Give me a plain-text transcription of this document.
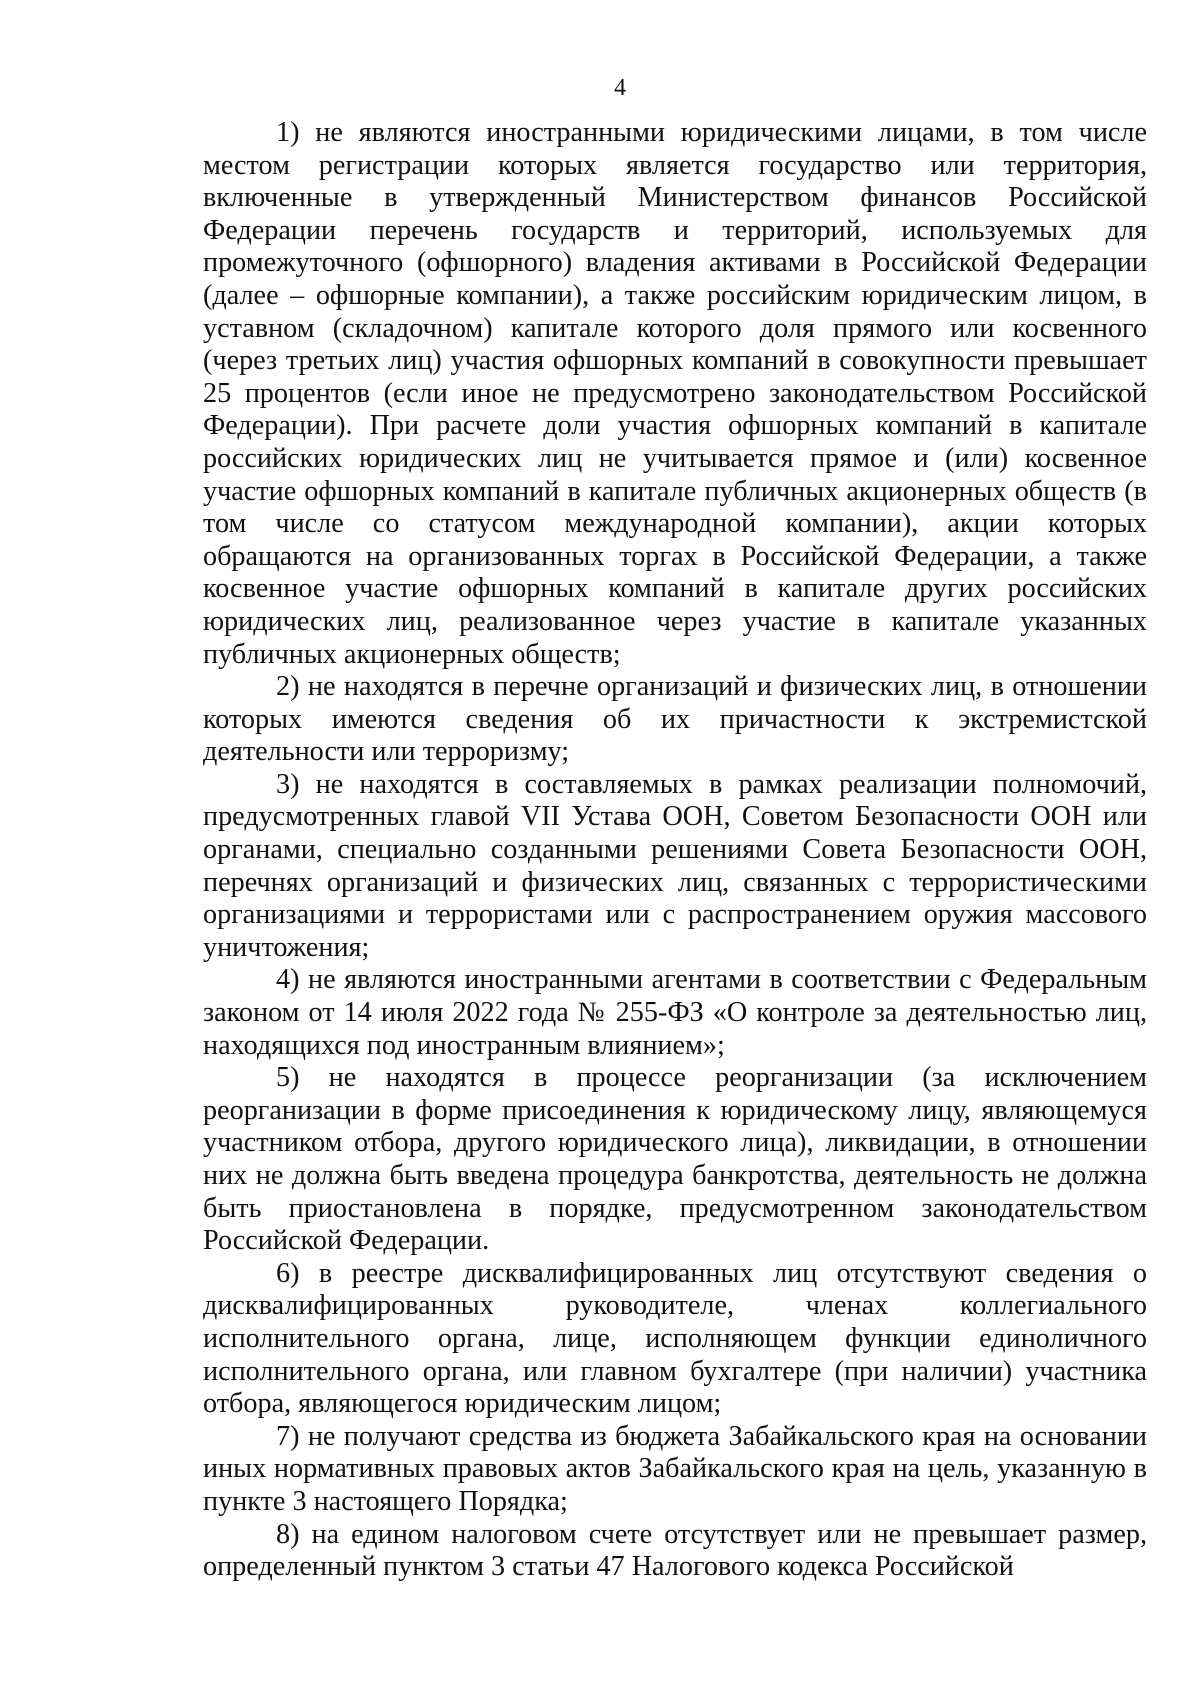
4

1) не являются иностранными юридическими лицами, в том числе местом регистрации которых является государство или территория, включенные в утвержденный Министерством финансов Российской Федерации перечень государств и территорий, используемых для промежуточного (офшорного) владения активами в Российской Федерации (далее – офшорные компании), а также российским юридическим лицом, в уставном (складочном) капитале которого доля прямого или косвенного (через третьих лиц) участия офшорных компаний в совокупности превышает 25 процентов (если иное не предусмотрено законодательством Российской Федерации). При расчете доли участия офшорных компаний в капитале российских юридических лиц не учитывается прямое и (или) косвенное участие офшорных компаний в капитале публичных акционерных обществ (в том числе со статусом международной компании), акции которых обращаются на организованных торгах в Российской Федерации, а также косвенное участие офшорных компаний в капитале других российских юридических лиц, реализованное через участие в капитале указанных публичных акционерных обществ;

2) не находятся в перечне организаций и физических лиц, в отношении которых имеются сведения об их причастности к экстремистской деятельности или терроризму;

3) не находятся в составляемых в рамках реализации полномочий, предусмотренных главой VII Устава ООН, Советом Безопасности ООН или органами, специально созданными решениями Совета Безопасности ООН, перечнях организаций и физических лиц, связанных с террористическими организациями и террористами или с распространением оружия массового уничтожения;

4) не являются иностранными агентами в соответствии с Федеральным законом от 14 июля 2022 года № 255-ФЗ «О контроле за деятельностью лиц, находящихся под иностранным влиянием»;

5) не находятся в процессе реорганизации (за исключением реорганизации в форме присоединения к юридическому лицу, являющемуся участником отбора, другого юридического лица), ликвидации, в отношении них не должна быть введена процедура банкротства, деятельность не должна быть приостановлена в порядке, предусмотренном законодательством Российской Федерации.

6) в реестре дисквалифицированных лиц отсутствуют сведения о дисквалифицированных руководителе, членах коллегиального исполнительного органа, лице, исполняющем функции единоличного исполнительного органа, или главном бухгалтере (при наличии) участника отбора, являющегося юридическим лицом;

7) не получают средства из бюджета Забайкальского края на основании иных нормативных правовых актов Забайкальского края на цель, указанную в пункте 3 настоящего Порядка;

8) на едином налоговом счете отсутствует или не превышает размер, определенный пунктом 3 статьи 47 Налогового кодекса Российской
